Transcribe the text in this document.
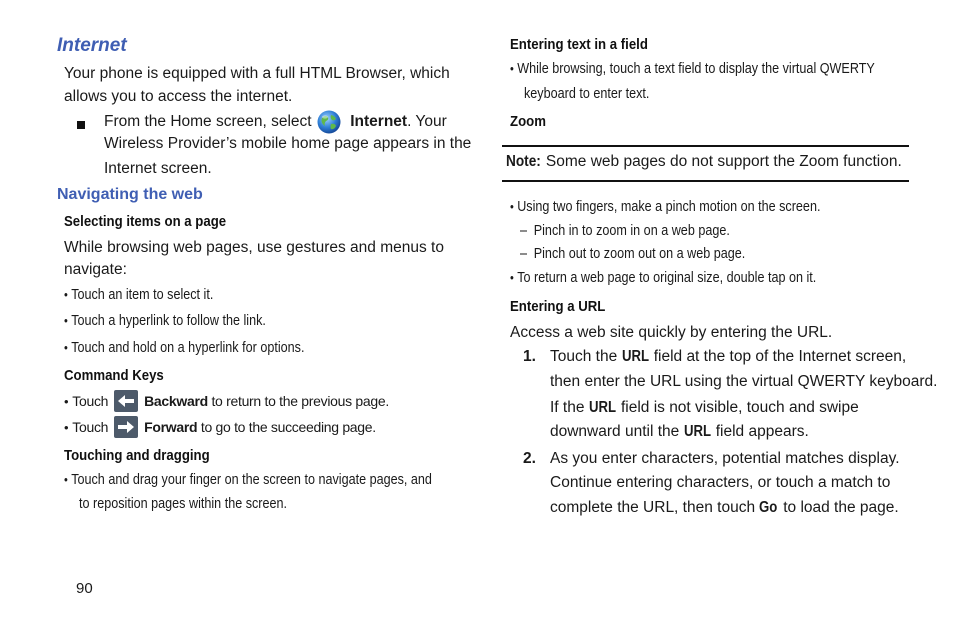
Internet
Your phone is equipped with a full HTML Browser, which
allows you to access the internet.
From the Home screen, select Internet. Your
Wireless Provider’s mobile home page appears in the
Internet screen.
Navigating the web
Selecting items on a page
While browsing web pages, use gestures and menus to
navigate:
• Touch an item to select it.
• Touch a hyperlink to follow the link.
• Touch and hold on a hyperlink for options.
Command Keys
• Touch	Backward to return to the previous page.
• Touch	Forward to go to the succeeding page.
Touching and dragging
• Touch and drag your finger on the screen to navigate pages, and
to reposition pages within the screen.
90
Entering text in a field
• While browsing, touch a text field to display the virtual QWERTY
keyboard to enter text.
Zoom
Note: Some web pages do not support the Zoom function.
• Using two fingers, make a pinch motion on the screen.
– Pinch in to zoom in on a web page.
– Pinch out to zoom out on a web page.
• To return a web page to original size, double tap on it.
Entering a URL
Access a web site quickly by entering the URL.
1. Touch the URL field at the top of the Internet screen,
then enter the URL using the virtual QWERTY keyboard.
If the URL field is not visible, touch and swipe
downward until the URL field appears.
2. As you enter characters, potential matches display.
Continue entering characters, or touch a match to
complete the URL, then touch Go to load the page.
